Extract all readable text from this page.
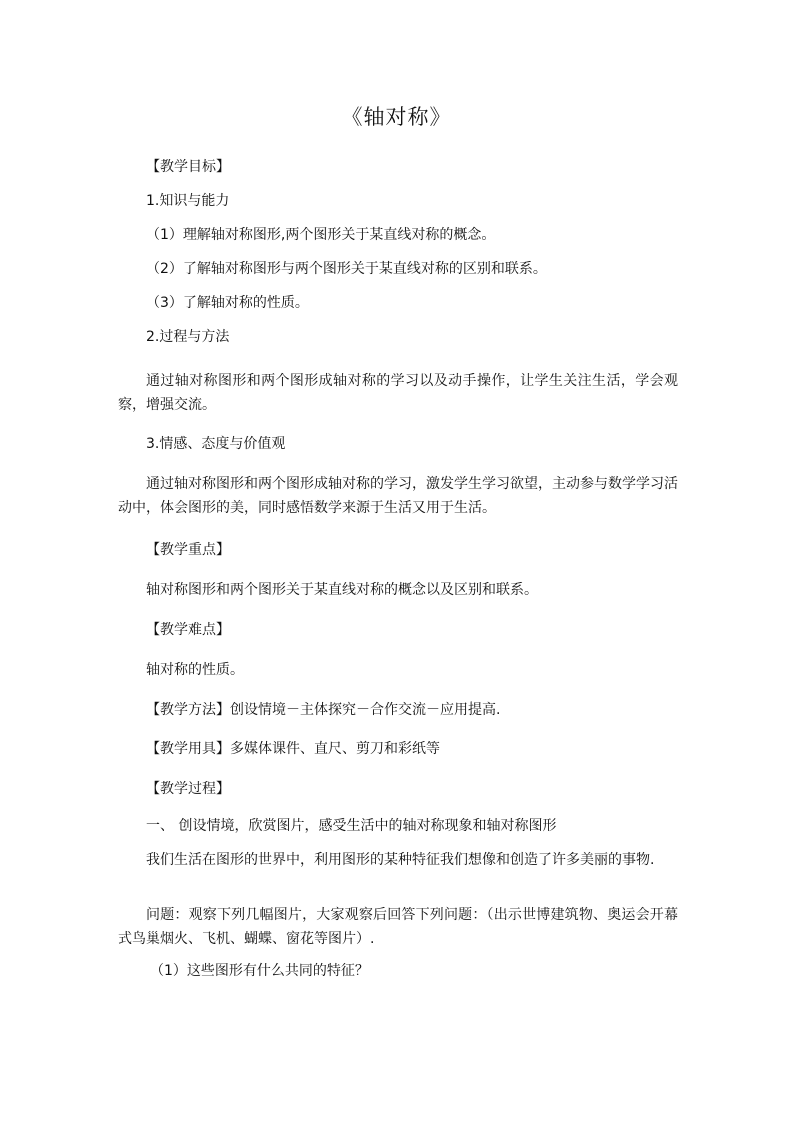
《轴对称》
【教学目标】
1.知识与能力
（1）理解轴对称图形,两个图形关于某直线对称的概念。
（2）了解轴对称图形与两个图形关于某直线对称的区别和联系。
（3）了解轴对称的性质。
2.过程与方法
通过轴对称图形和两个图形成轴对称的学习以及动手操作，让学生关注生活，学会观察，增强交流。
3.情感、态度与价值观
通过轴对称图形和两个图形成轴对称的学习，激发学生学习欲望，主动参与数学学习活动中，体会图形的美，同时感悟数学来源于生活又用于生活。
【教学重点】
轴对称图形和两个图形关于某直线对称的概念以及区别和联系。
【教学难点】
轴对称的性质。
【教学方法】创设情境－主体探究－合作交流－应用提高.
【教学用具】多媒体课件、直尺、剪刀和彩纸等
【教学过程】
一、 创设情境，欣赏图片，感受生活中的轴对称现象和轴对称图形
我们生活在图形的世界中，利用图形的某种特征我们想像和创造了许多美丽的事物.
问题：观察下列几幅图片，大家观察后回答下列问题：（出示世博建筑物、奥运会开幕式鸟巢烟火、飞机、蝴蝶、窗花等图片）.
（1）这些图形有什么共同的特征？
